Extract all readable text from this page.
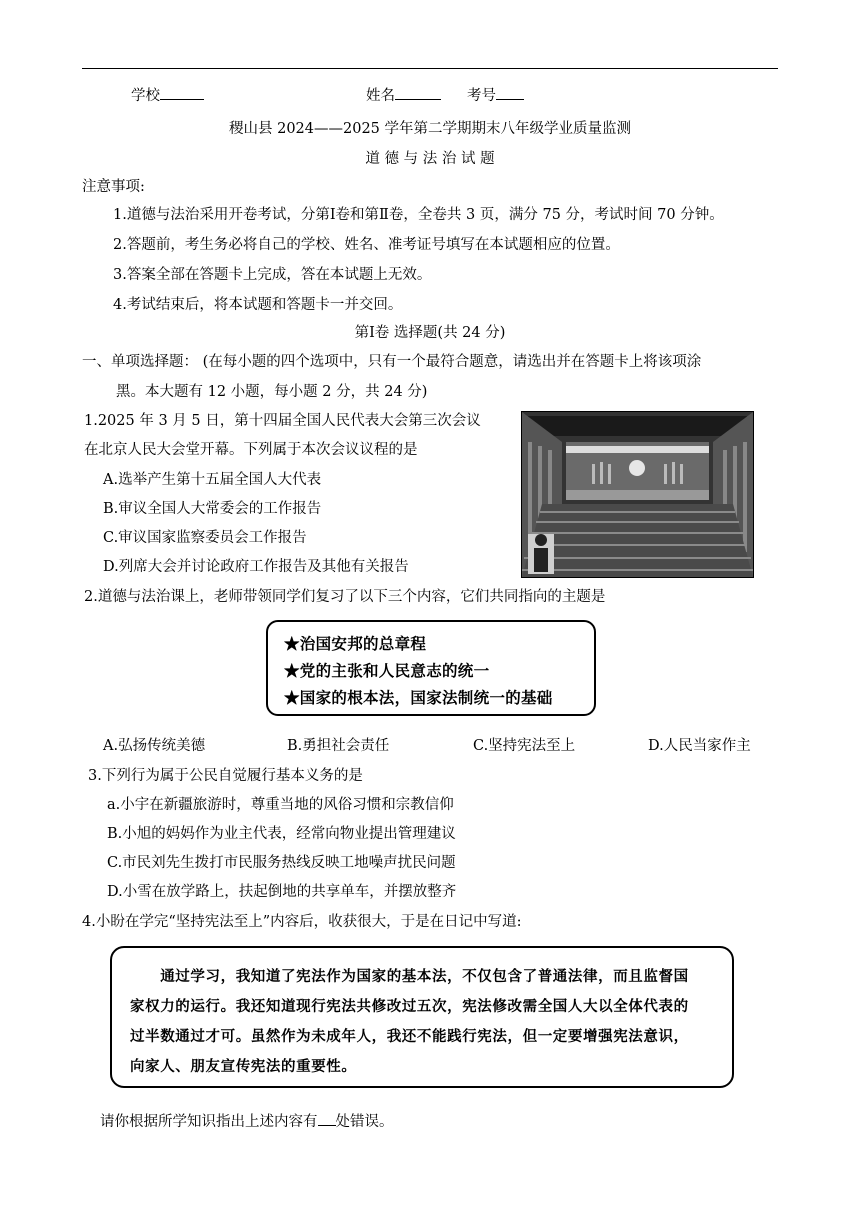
学校	姓名	考号
稷山县 2024——2025 学年第二学期期末八年级学业质量监测
道 德 与 法 治 试 题
注意事项:
1.道德与法治采用开卷考试，分第Ⅰ卷和第Ⅱ卷，全卷共 3 页，满分 75 分，考试时间 70 分钟。
2.答题前，考生务必将自己的学校、姓名、准考证号填写在本试题相应的位置。
3.答案全部在答题卡上完成，答在本试题上无效。
4.考试结束后，将本试题和答题卡一并交回。
第Ⅰ卷 选择题(共 24 分)
一、单项选择题： (在每小题的四个选项中，只有一个最符合题意，请选出并在答题卡上将该项涂
黑。本大题有 12 小题，每小题 2 分，共 24 分)
1.2025 年 3 月 5 日，第十四届全国人民代表大会第三次会议
在北京人民大会堂开幕。下列属于本次会议议程的是
A.选举产生第十五届全国人大代表
B.审议全国人大常委会的工作报告
C.审议国家监察委员会工作报告
D.列席大会并讨论政府工作报告及其他有关报告
2.道德与法治课上，老师带领同学们复习了以下三个内容，它们共同指向的主题是
★治国安邦的总章程
★党的主张和人民意志的统一
★国家的根本法，国家法制统一的基础
A.弘扬传统美德	B.勇担社会责任	C.坚持宪法至上	D.人民当家作主
3.下列行为属于公民自觉履行基本义务的是
a.小宇在新疆旅游时，尊重当地的风俗习惯和宗教信仰
B.小旭的妈妈作为业主代表，经常向物业提出管理建议
C.市民刘先生拨打市民服务热线反映工地噪声扰民问题
D.小雪在放学路上，扶起倒地的共享单车，并摆放整齐
4.小盼在学完“坚持宪法至上”内容后，收获很大，于是在日记中写道:
　　通过学习，我知道了宪法作为国家的基本法，不仅包含了普通法律，而且监督国
家权力的运行。我还知道现行宪法共修改过五次，宪法修改需全国人大以全体代表的
过半数通过才可。虽然作为未成年人，我还不能践行宪法，但一定要增强宪法意识，
向家人、朋友宣传宪法的重要性。
请你根据所学知识指出上述内容有 处错误。
